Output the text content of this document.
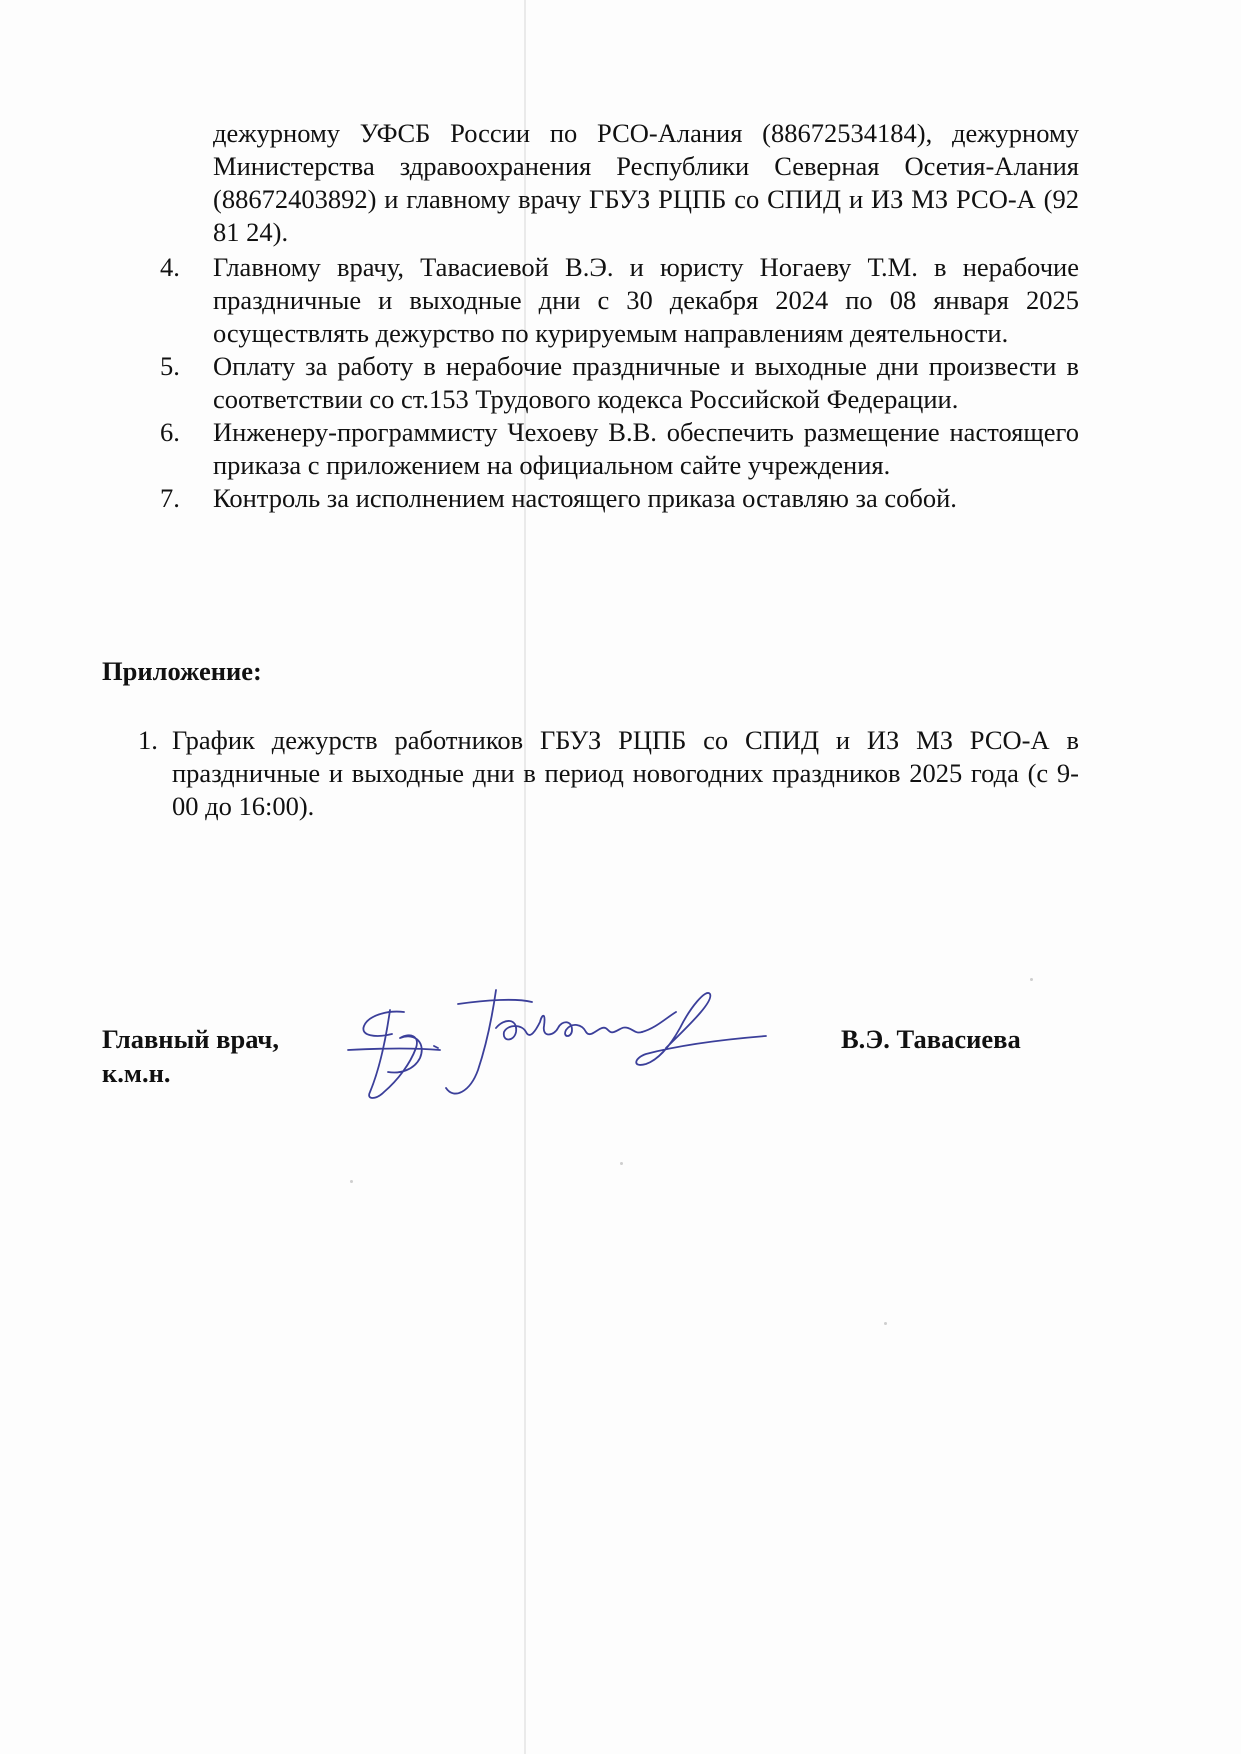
дежурному УФСБ России по РСО-Алания (88672534184), дежурному Министерства здравоохранения Республики Северная Осетия-Алания (88672403892) и главному врачу ГБУЗ РЦПБ со СПИД и ИЗ МЗ РСО-А (92 81 24).
4.	Главному врачу, Тавасиевой В.Э. и юристу Ногаеву Т.М. в нерабочие праздничные и выходные дни с 30 декабря 2024 по 08 января 2025 осуществлять дежурство по курируемым направлениям деятельности.
5.	Оплату за работу в нерабочие праздничные и выходные дни произвести в соответствии со ст.153 Трудового кодекса Российской Федерации.
6.	Инженеру-программисту Чехоеву В.В. обеспечить размещение настоящего приказа с приложением на официальном сайте учреждения.
7.	Контроль за исполнением настоящего приказа оставляю за собой.
Приложение:
1. График дежурств работников ГБУЗ РЦПБ со СПИД и ИЗ МЗ РСО-А в праздничные и выходные дни в период новогодних праздников 2025 года (с 9-00 до 16:00).
Главный врач,
к.м.н.
В.Э. Тавасиева
